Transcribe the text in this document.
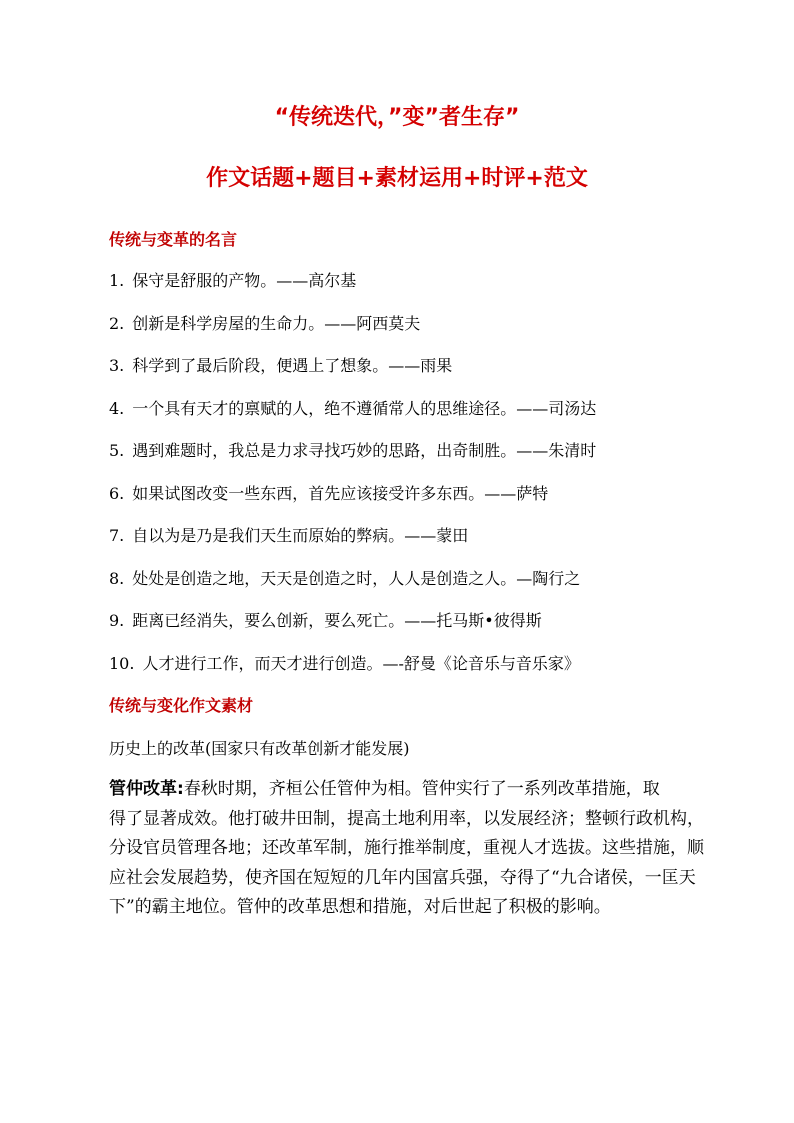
“传统迭代，”变”者生存”
作文话题+题目+素材运用+时评+范文
传统与变革的名言
1. 保守是舒服的产物。——高尔基
2. 创新是科学房屋的生命力。——阿西莫夫
3. 科学到了最后阶段，便遇上了想象。——雨果
4. 一个具有天才的禀赋的人，绝不遵循常人的思维途径。——司汤达
5. 遇到难题时，我总是力求寻找巧妙的思路，出奇制胜。——朱清时
6. 如果试图改变一些东西，首先应该接受许多东西。——萨特
7. 自以为是乃是我们天生而原始的弊病。——蒙田
8. 处处是创造之地，天天是创造之时，人人是创造之人。—陶行之
9. 距离已经消失，要么创新，要么死亡。——托马斯•彼得斯
10. 人才进行工作，而天才进行创造。—-舒曼《论音乐与音乐家》
传统与变化作文素材
历史上的改革(国家只有改革创新才能发展)
管仲改革:春秋时期，齐桓公任管仲为相。管仲实行了一系列改革措施，取
得了显著成效。他打破井田制，提高土地利用率，以发展经济；整顿行政机构，
分设官员管理各地；还改革军制，施行推举制度，重视人才选拔。这些措施，顺
应社会发展趋势，使齐国在短短的几年内国富兵强，夺得了“九合诸侯，一匡天
下”的霸主地位。管仲的改革思想和措施，对后世起了积极的影响。
